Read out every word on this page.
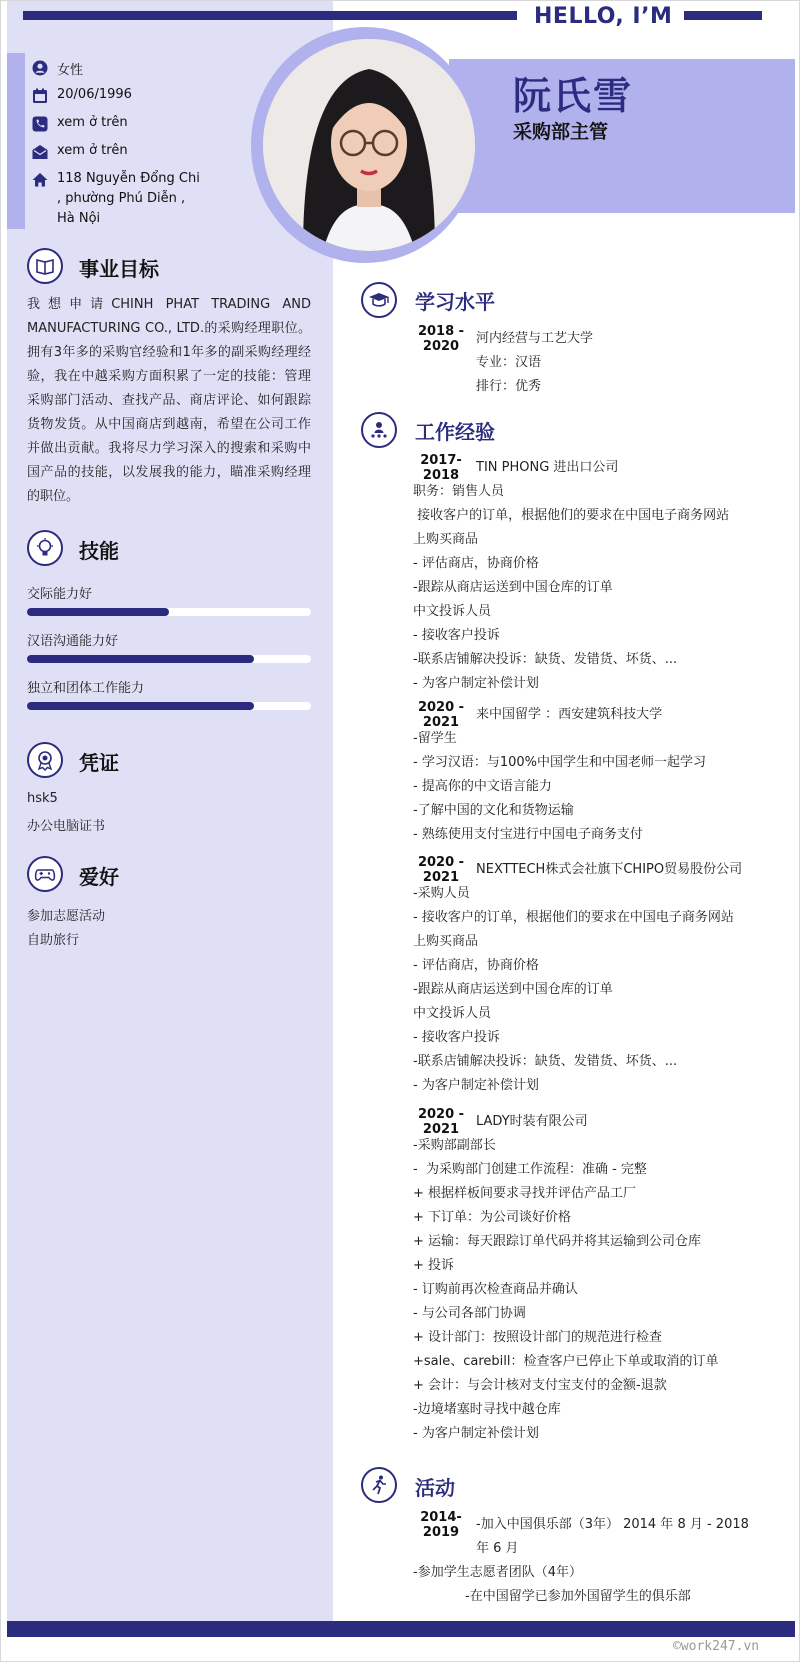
HELLO, I’M
阮氏雪
采购部主管
女性
20/06/1996
xem ở trên
xem ở trên
118 Nguyễn Đổng Chi
, phường Phú Diễn ,
Hà Nội
事业目标
我想申请CHINH PHAT TRADING AND MANUFACTURING CO., LTD.的采购经理职位。拥有3年多的采购官经验和1年多的副采购经理经验，我在中越采购方面积累了一定的技能：管理采购部门活动、查找产品、商店评论、如何跟踪货物发货。从中国商店到越南，希望在公司工作并做出贡献。我将尽力学习深入的搜索和采购中国产品的技能，以发展我的能力，瞄准采购经理的职位。
技能
交际能力好
汉语沟通能力好
独立和团体工作能力
凭证
hsk5
办公电脑证书
爱好
参加志愿活动
自助旅行
学习水平
2018 -
2020
河内经营与工艺大学
专业：汉语
排行：优秀
工作经验
2017-
2018
TIN PHONG 进出口公司
职务：销售人员
接收客户的订单，根据他们的要求在中国电子商务网站
上购买商品
- 评估商店，协商价格
-跟踪从商店运送到中国仓库的订单
中文投诉人员
- 接收客户投诉
-联系店铺解决投诉：缺货、发错货、坏货、...
- 为客户制定补偿计划
2020 -
2021
来中国留学 ：西安建筑科技大学
-留学生
- 学习汉语：与100%中国学生和中国老师一起学习
- 提高你的中文语言能力
-了解中国的文化和货物运输
- 熟练使用支付宝进行中国电子商务支付
2020 -
2021
NEXTTECH株式会社旗下CHIPO贸易股份公司
-采购人员
- 接收客户的订单，根据他们的要求在中国电子商务网站
上购买商品
- 评估商店，协商价格
-跟踪从商店运送到中国仓库的订单
中文投诉人员
- 接收客户投诉
-联系店铺解决投诉：缺货、发错货、坏货、...
- 为客户制定补偿计划
2020 -
2021
LADY时装有限公司
-采购部副部长
-  为采购部门创建工作流程：准确 - 完整
+ 根据样板间要求寻找并评估产品工厂
+ 下订单：为公司谈好价格
+ 运输：每天跟踪订单代码并将其运输到公司仓库
+ 投诉
- 订购前再次检查商品并确认
- 与公司各部门协调
+ 设计部门：按照设计部门的规范进行检查
+sale、carebill：检查客户已停止下单或取消的订单
+ 会计：与会计核对支付宝支付的金额-退款
-边境堵塞时寻找中越仓库
- 为客户制定补偿计划
活动
2014-
2019
-加入中国俱乐部（3年） 2014 年 8 月 - 2018
年 6 月
-参加学生志愿者团队（4年）
-在中国留学已参加外国留学生的俱乐部
©work247.vn
